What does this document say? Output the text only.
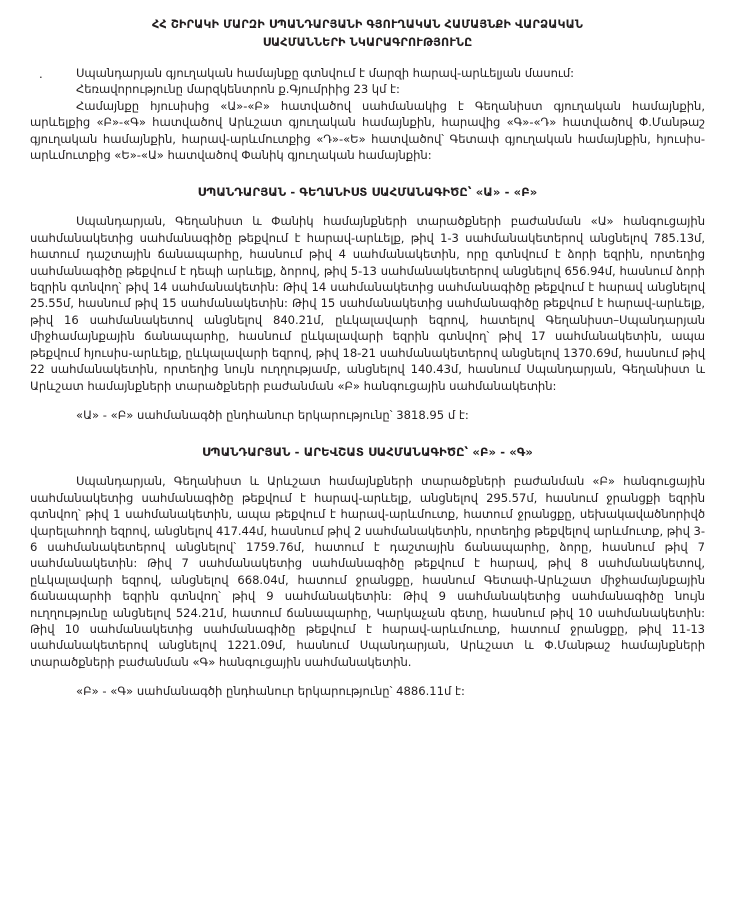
ՀՀ ՇԻՐԱԿԻ ՄԱՐԶԻ ՍՊԱՆԴԱՐՅԱՆԻ ԳՅՈՒՂԱԿԱՆ ՀԱՄԱՅՆՔԻ ՎԱՐՁԱԿԱՆ
ՍԱՀՄԱՆՆԵՐԻ ՆԿԱՐԱԳՐՈՒԹՅՈՒՆԸ
.	Սպանդարյան գյուղական համայնքը գտնվում է մարզի հարավ-արևելյան մասում:

Հեռավորությունը մարզկենտրոն ք.Գյումրիից 23 կմ է:

Համայնքը հյուսիսից «Ա»-«Բ» հատվածով սահմանակից է Գեղանիստ գյուղական համայնքին, արևելքից «Բ»-«Գ» հատվածով Արևշատ գյուղական համայնքին, հարավից «Գ»-«Դ» հատվածով Փ.Մանթաշ գյուղական համայնքին, հարավ-արևմուտքից «Դ»-«Ե» հատվածով՝ Գետափ գյուղական համայնքին, հյուսիս-արևմուտքից «Ե»-«Ա» հատվածով Փանիկ գյուղական համայնքին:

ՍՊԱՆԴԱՐՅԱՆ - ԳԵՂԱՆԻՍՏ ՍԱՀՄԱՆԱԳԻԾԸ՝ «Ա» - «Բ»

Սպանդարյան, Գեղանիստ և Փանիկ համայնքների տարածքների բաժանման «Ա» հանգուցային սահմանակետից սահմանագիծը թեքվում է հարավ-արևելք, թիվ 1-3 սահմանակետերով անցնելով 785.13մ, հատում դաշտային ճանապարհը, հասնում թիվ 4 սահմանակետին, որը գտնվում է ձորի եզրին, որտեղից սահմանագիծը թեքվում է դեպի արևելք, ձորով, թիվ 5-13 սահմանակետերով անցնելով 656.94մ, հասնում ձորի եզրին գտնվող՝ թիվ 14 սահմանակետին: Թիվ 14 սահմանակետից սահմանագիծը թեքվում է հարավ անցնելով 25.55մ, հասնում թիվ 15 սահմանակետին: Թիվ 15 սահմանակետից սահմանագիծը թեքվում է հարավ-արևելք, թիվ 16 սահմանակետով անցնելով 840.21մ, ըևկալավարի եզրով, հատելով Գեղանիստ–Սպանդարյան միջհամայնքային ճանապարհը, հասնում ըևկալավարի եզրին գտնվող՝ թիվ 17 սահմանակետին, ապա թեքվում հյուսիս-արևելք, ըևկալավարի եզրով, թիվ 18-21 սահմանակետերով անցնելով 1370.69մ, հասնում թիվ 22 սահմանակետին, որտեղից նույն ուղղությամբ, անցնելով 140.43մ, հասնում Սպանդարյան, Գեղանիստ և Արևշատ համայնքների տարածքների բաժանման «Բ» հանգուցային սահմանակետին:

«Ա» - «Բ» սահմանագծի ընդհանուր երկարությունը՝ 3818.95 մ է:

ՍՊԱՆԴԱՐՅԱՆ - ԱՐԵՎՇԱՏ ՍԱՀՄԱՆԱԳԻԾԸ՝ «Բ» - «Գ»

Սպանդարյան, Գեղանիստ և Արևշատ համայնքների տարածքների բաժանման «Բ» հանգուցային սահմանակետից սահմանագիծը թեքվում է հարավ-արևելք, անցնելով 295.57մ, հասնում ջրանցքի եզրին գտնվող՝ թիվ 1 սահմանակետին, ապա թեքվում է հարավ-արևմուտք, հատում ջրանցքը, սեխակավածնորիվծ վարելահողի եզրով, անցնելով 417.44մ, հասնում թիվ 2 սահմանակետին, որտեղից թեքվելով արևմուտք, թիվ 3-6 սահմանակետերով անցնելով՝ 1759.76մ, հատում է դաշտային ճանապարհը, ձորը, հասնում թիվ 7 սահմանակետին: Թիվ 7 սահմանակետից սահմանագիծը թեքվում է հարավ, թիվ 8 սահմանակետով, ըևկալավարի եզրով, անցնելով 668.04մ, հատում ջրանցքը, հասնում Գետափ-Արևշատ միջհամայնքային ճանապարհի եզրին գտնվող՝ թիվ 9 սահմանակետին: Թիվ 9 սահմանակետից սահմանագիծը նույն ուղղությունը անցնելով 524.21մ, հատում ճանապարհը, Կարկաչան գետը, հասնում թիվ 10 սահմանակետին: Թիվ 10 սահմանակետից սահմանագիծը թեքվում է հարավ-արևմուտք, հատում ջրանցքը, թիվ 11-13 սահմանակետերով անցնելով 1221.09մ, հասնում Սպանդարյան, Արևշատ և Փ.Մանթաշ համայնքների տարածքների բաժանման «Գ» հանգուցային սահմանակետին.

«Բ» - «Գ» սահմանագծի ընդհանուր երկարությունը՝ 4886.11մ է:
